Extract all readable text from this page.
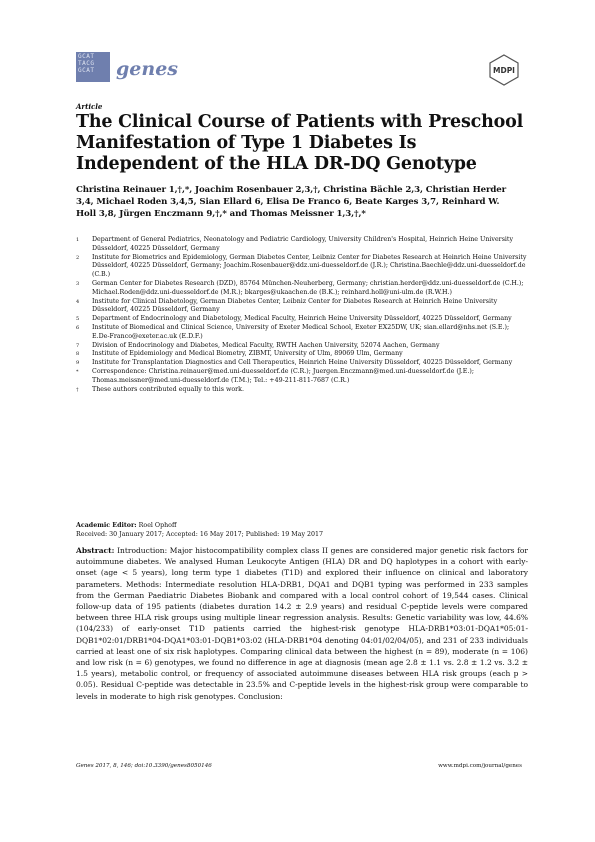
GCAT
TACG
GCAT	genes	MDPI
Article
The Clinical Course of Patients with Preschool Manifestation of Type 1 Diabetes Is Independent of the HLA DR-DQ Genotype
Christina Reinauer 1,†,*, Joachim Rosenbauer 2,3,†, Christina Bächle 2,3, Christian Herder 3,4, Michael Roden 3,4,5, Sian Ellard 6, Elisa De Franco 6, Beate Karges 3,7, Reinhard W. Holl 3,8, Jürgen Enczmann 9,†,* and Thomas Meissner 1,3,†,*
1	Department of General Pediatrics, Neonatology and Pediatric Cardiology, University Children's Hospital, Heinrich Heine University Düsseldorf, 40225 Düsseldorf, Germany
2	Institute for Biometrics and Epidemiology, German Diabetes Center, Leibniz Center for Diabetes Research at Heinrich Heine University Düsseldorf, 40225 Düsseldorf, Germany; Joachim.Rosenbauer@ddz.uni-duesseldorf.de (J.R.); Christina.Baechle@ddz.uni-duesseldorf.de (C.B.)
3	German Center for Diabetes Research (DZD), 85764 München-Neuherberg, Germany; christian.herder@ddz.uni-duesseldorf.de (C.H.); Michael.Roden@ddz.uni-duesseldorf.de (M.R.); bkarges@ukaachen.de (B.K.); reinhard.holl@uni-ulm.de (R.W.H.)
4	Institute for Clinical Diabetology, German Diabetes Center, Leibniz Center for Diabetes Research at Heinrich Heine University Düsseldorf, 40225 Düsseldorf, Germany
5	Department of Endocrinology and Diabetology, Medical Faculty, Heinrich Heine University Düsseldorf, 40225 Düsseldorf, Germany
6	Institute of Biomedical and Clinical Science, University of Exeter Medical School, Exeter EX25DW, UK; sian.ellard@nhs.net (S.E.); E.De-Franco@exeter.ac.uk (E.D.F.)
7	Division of Endocrinology and Diabetes, Medical Faculty, RWTH Aachen University, 52074 Aachen, Germany
8	Institute of Epidemiology and Medical Biometry, ZIBMT, University of Ulm, 89069 Ulm, Germany
9	Institute for Transplantation Diagnostics and Cell Therapeutics, Heinrich Heine University Düsseldorf, 40225 Düsseldorf, Germany
*	Correspondence: Christina.reinauer@med.uni-duesseldorf.de (C.R.); Juergen.Enczmann@med.uni-duesseldorf.de (J.E.); Thomas.meissner@med.uni-duesseldorf.de (T.M.); Tel.: +49-211-811-7687 (C.R.)
†	These authors contributed equally to this work.
Academic Editor: Roel Ophoff
Received: 30 January 2017; Accepted: 16 May 2017; Published: 19 May 2017

Abstract: Introduction: Major histocompatibility complex class II genes are considered major genetic risk factors for autoimmune diabetes. We analysed Human Leukocyte Antigen (HLA) DR and DQ haplotypes in a cohort with early-onset (age < 5 years), long term type 1 diabetes (T1D) and explored their influence on clinical and laboratory parameters. Methods: Intermediate resolution HLA-DRB1, DQA1 and DQB1 typing was performed in 233 samples from the German Paediatric Diabetes Biobank and compared with a local control cohort of 19,544 cases. Clinical follow-up data of 195 patients (diabetes duration 14.2 ± 2.9 years) and residual C-peptide levels were compared between three HLA risk groups using multiple linear regression analysis. Results: Genetic variability was low, 44.6% (104/233) of early-onset T1D patients carried the highest-risk genotype HLA-DRB1*03:01-DQA1*05:01-DQB1*02:01/DRB1*04-DQA1*03:01-DQB1*03:02 (HLA-DRB1*04 denoting 04:01/02/04/05), and 231 of 233 individuals carried at least one of six risk haplotypes. Comparing clinical data between the highest (n = 89), moderate (n = 106) and low risk (n = 6) genotypes, we found no difference in age at diagnosis (mean age 2.8 ± 1.1 vs. 2.8 ± 1.2 vs. 3.2 ± 1.5 years), metabolic control, or frequency of associated autoimmune diseases between HLA risk groups (each p > 0.05). Residual C-peptide was detectable in 23.5% and C-peptide levels in the highest-risk group were comparable to levels in moderate to high risk genotypes. Conclusion:

Genes 2017, 8, 146; doi:10.3390/genes8050146	www.mdpi.com/journal/genes
